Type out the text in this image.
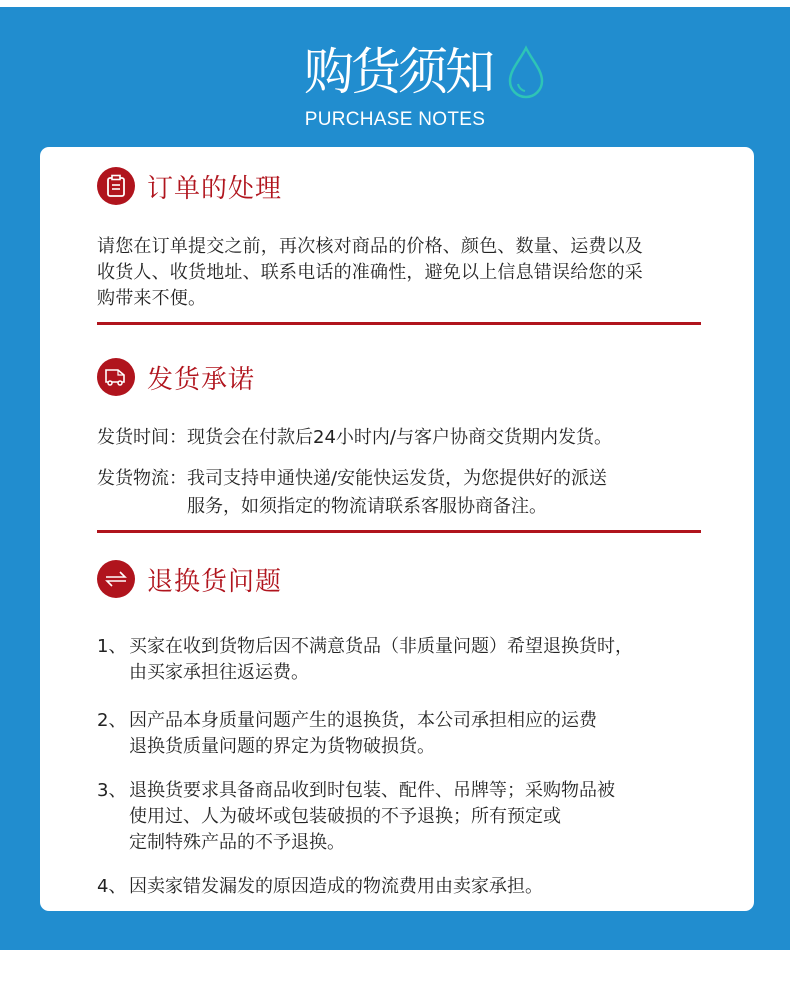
购货须知
PURCHASE NOTES
订单的处理
请您在订单提交之前，再次核对商品的价格、颜色、数量、运费以及
收货人、收货地址、联系电话的准确性，避免以上信息错误给您的采
购带来不便。
发货承诺
发货时间： 现货会在付款后24小时内/与客户协商交货期内发货。
发货物流： 我司支持申通快递/安能快运发货，为您提供好的派送
服务，如须指定的物流请联系客服协商备注。
退换货问题
1、 买家在收到货物后因不满意货品（非质量问题）希望退换货时，
由买家承担往返运费。
2、 因产品本身质量问题产生的退换货，本公司承担相应的运费
退换货质量问题的界定为货物破损货。
3、 退换货要求具备商品收到时包装、配件、吊牌等；采购物品被
使用过、人为破坏或包装破损的不予退换；所有预定或
定制特殊产品的不予退换。
4、 因卖家错发漏发的原因造成的物流费用由卖家承担。
